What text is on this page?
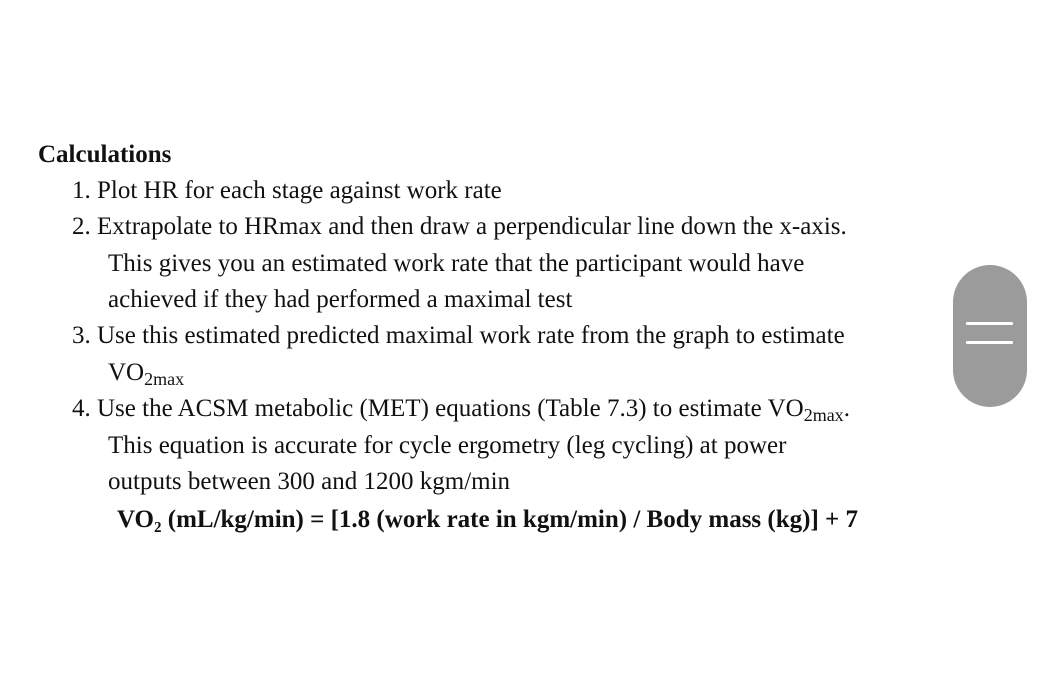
Calculations
1. Plot HR for each stage against work rate
2. Extrapolate to HRmax and then draw a perpendicular line down the x-axis.
This gives you an estimated work rate that the participant would have
achieved if they had performed a maximal test
3. Use this estimated predicted maximal work rate from the graph to estimate
$VO_{2max}$
4. Use the ACSM metabolic (MET) equations (Table 7.3) to estimate $VO_{2max}$.
This equation is accurate for cycle ergometry (leg cycling) at power
outputs between 300 and 1200 kgm/min
VO₂ (mL/kg/min) = [1.8 (work rate in kgm/min) / Body mass (kg)] + 7
